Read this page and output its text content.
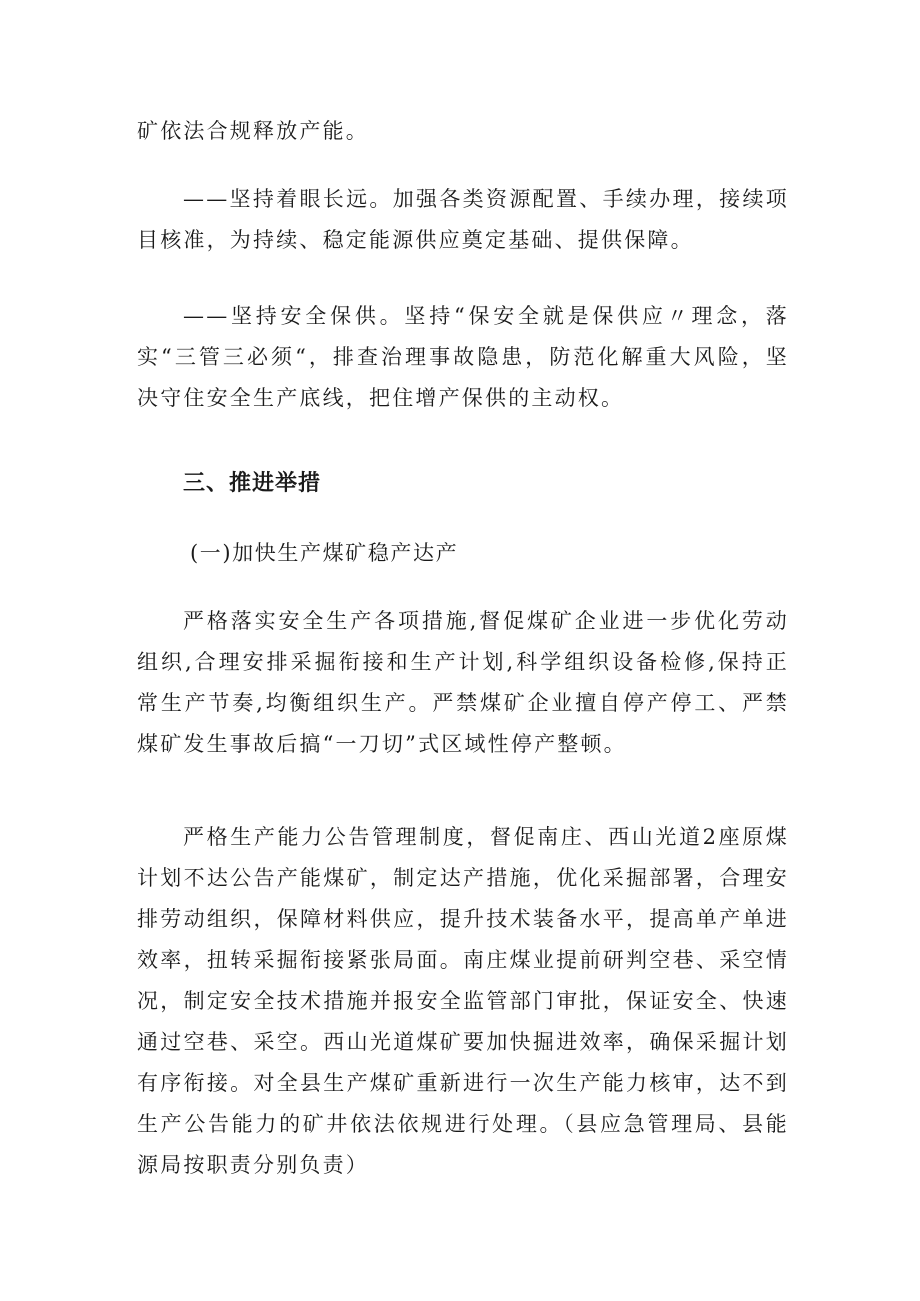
矿依法合规释放产能。

——坚持着眼长远。加强各类资源配置、手续办理，接续项目核准，为持续、稳定能源供应奠定基础、提供保障。

——坚持安全保供。坚持“保安全就是保供应〃理念，落实“三管三必须“，排查治理事故隐患，防范化解重大风险，坚决守住安全生产底线，把住增产保供的主动权。

三、推进举措

(一)加快生产煤矿稳产达产

严格落实安全生产各项措施,督促煤矿企业进一步优化劳动组织,合理安排采掘衔接和生产计划,科学组织设备检修,保持正常生产节奏,均衡组织生产。严禁煤矿企业擅自停产停工、严禁煤矿发生事故后搞“一刀切”式区域性停产整顿。

严格生产能力公告管理制度，督促南庄、西山光道2座原煤计划不达公告产能煤矿，制定达产措施，优化采掘部署，合理安排劳动组织，保障材料供应，提升技术装备水平，提高单产单进效率，扭转采掘衔接紧张局面。南庄煤业提前研判空巷、采空情况，制定安全技术措施并报安全监管部门审批，保证安全、快速通过空巷、采空。西山光道煤矿要加快掘进效率，确保采掘计划有序衔接。对全县生产煤矿重新进行一次生产能力核审，达不到生产公告能力的矿井依法依规进行处理。（县应急管理局、县能源局按职责分别负责）
